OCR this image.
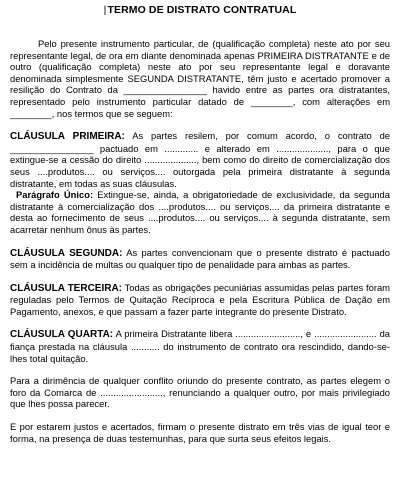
|TERMO DE DISTRATO CONTRATUAL

Pelo presente instrumento particular, de (qualificação completa) neste ato por seu representante legal, de ora em diante denominada apenas PRIMEIRA DISTRATANTE e de outro (qualificação completa) neste ato por seu representante legal e doravante denominada simplesmente SEGUNDA DISTRATANTE, têm justo e acertado promover a resilição do Contrato da ________________ havido entre as partes ora distratantes, representado pelo instrumento particular datado de ________, com alterações em ________, nos termos que se seguem:

CLÁUSULA PRIMEIRA: As partes resilem, por comum acordo, o contrato de ________________ pactuado em ............. e alterado em ...................., para o que extingue-se a cessão do direito ...................., bem como do direito de comercialização dos seus ....produtos.... ou serviços.... outorgada pela primeira distratante à segunda distratante, em todas as suas cláusulas.

Parágrafo Único: Extingue-se, ainda, a obrigatoriedade de exclusividade, da segunda distratante à comercialização dos ....produtos.... ou serviços.... da primeira distratante e desta ao fornecimento de seus ....produtos.... ou serviços.... à segunda distratante, sem acarretar nenhum ônus às partes.

CLÁUSULA SEGUNDA: As partes convencionam que o presente distrato é pactuado sem a incidência de multas ou qualquer tipo de penalidade para ambas as partes.

CLÁUSULA TERCEIRA: Todas as obrigações pecuniárias assumidas pelas partes foram reguladas pelo Termos de Quitação Recíproca e pela Escritura Pública de Dação em Pagamento, anexos, e que passam a fazer parte integrante do presente Distrato.

CLÁUSULA QUARTA: A primeira Distratante libera ........................., e ........................ da fiança prestada na cláusula ........... do instrumento de contrato ora rescindido, dando-se-lhes total quitação.

Para a dirimência de qualquer conflito oriundo do presente contrato, as partes elegem o foro da Comarca de ........................, renunciando a qualquer outro, por mais privilegiado que lhes possa parecer.

E por estarem justos e acertados, firmam o presente distrato em três vias de igual teor e forma, na presença de duas testemunhas, para que surta seus efeitos legais.
